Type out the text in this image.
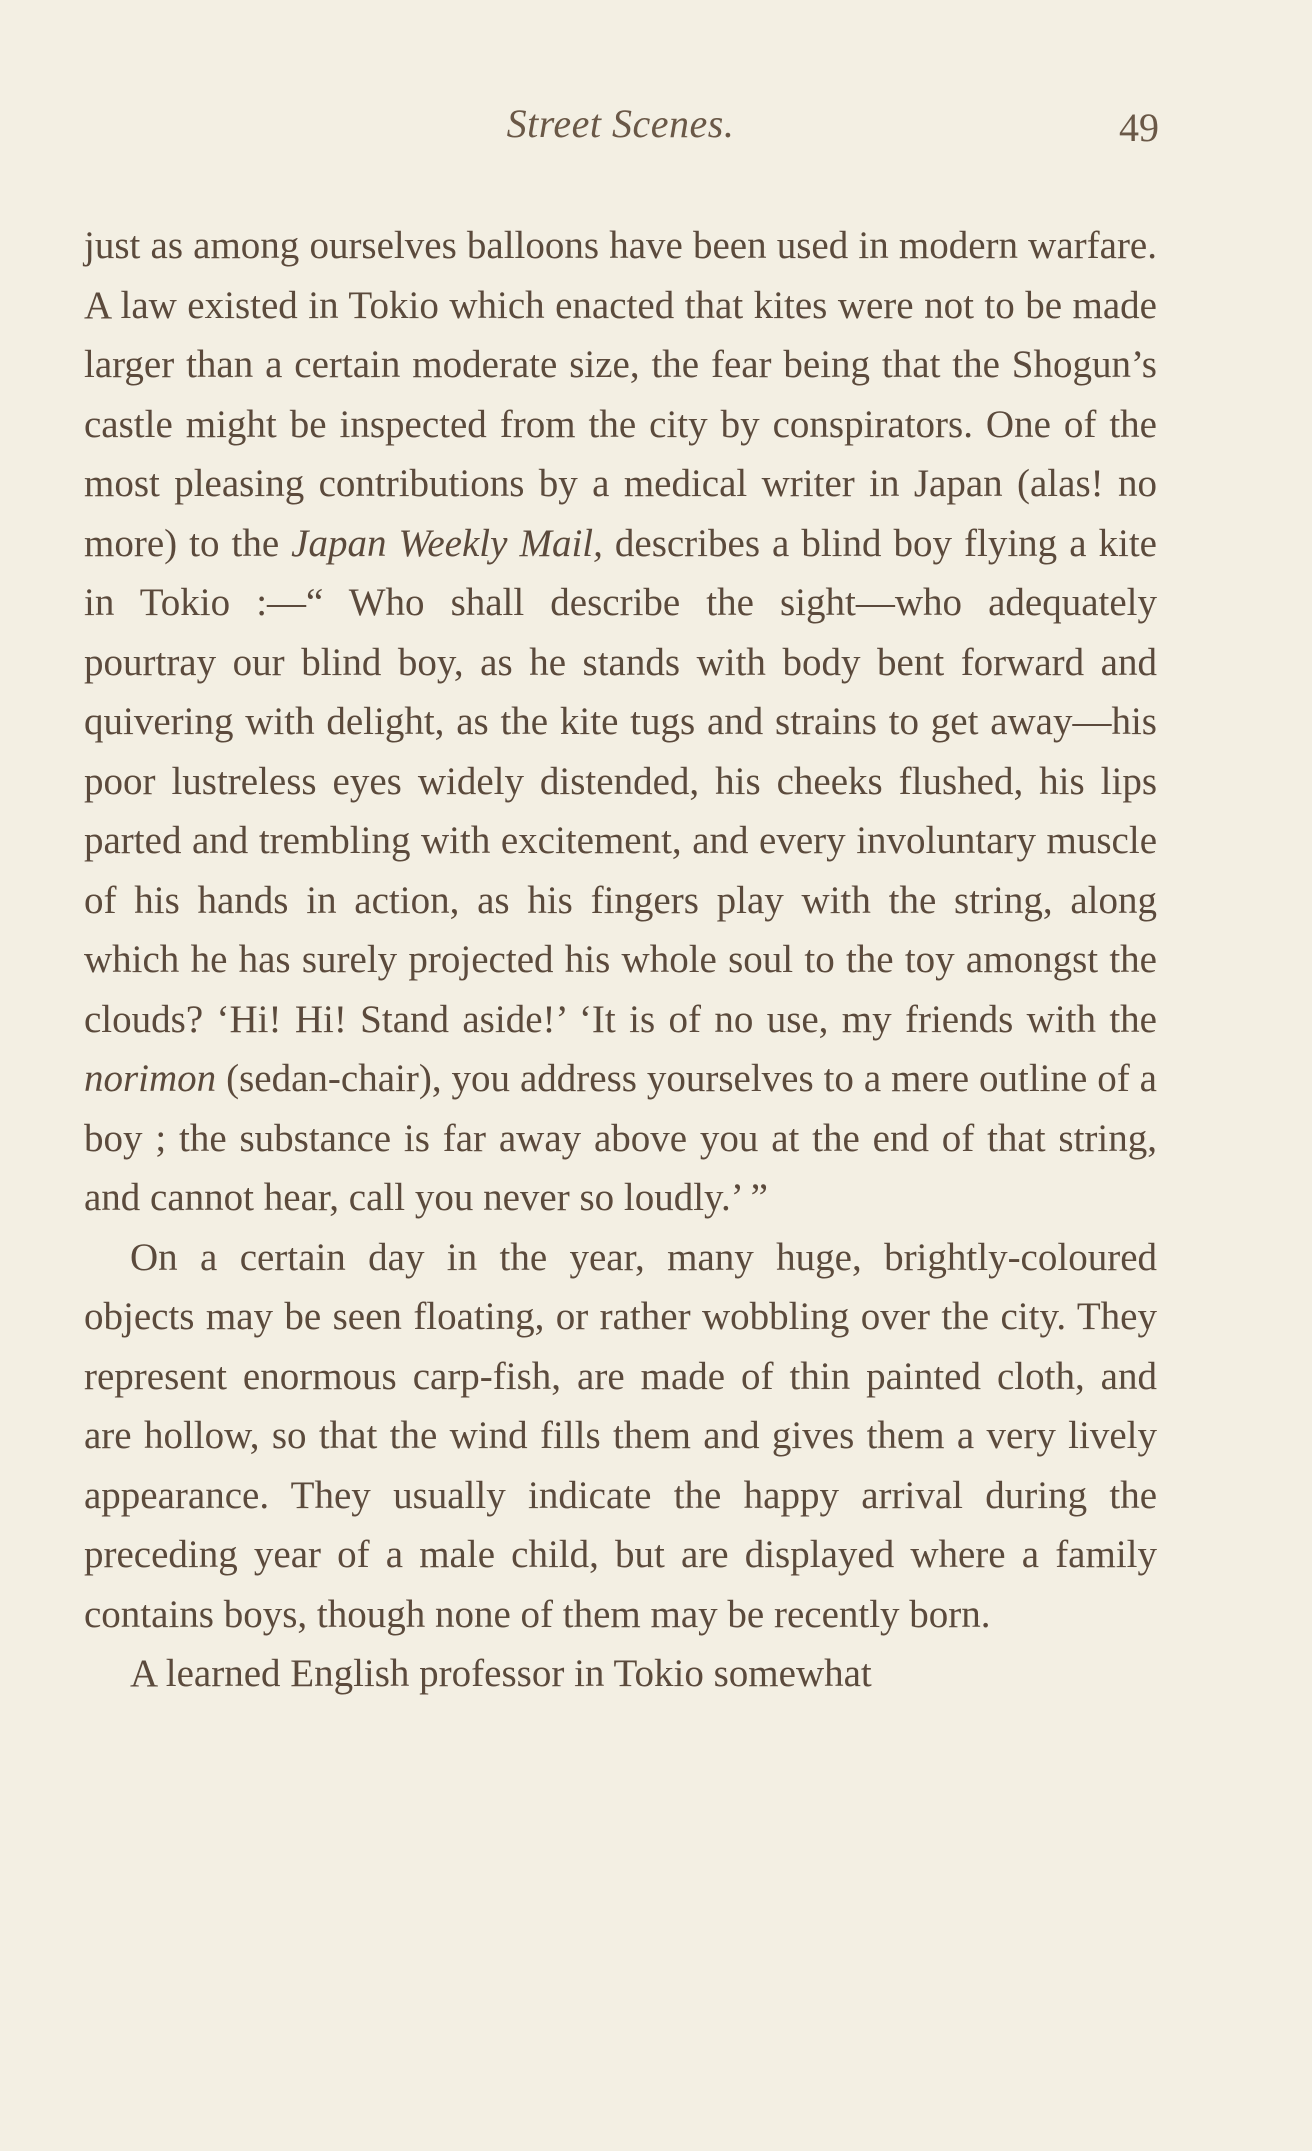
Street Scenes.	49

just as among ourselves balloons have been used in modern warfare. A law existed in Tokio which enacted that kites were not to be made larger than a certain moderate size, the fear being that the Shogun’s castle might be inspected from the city by conspirators. One of the most pleasing contributions by a medical writer in Japan (alas! no more) to the Japan Weekly Mail, describes a blind boy flying a kite in Tokio :—“ Who shall describe the sight—who adequately pourtray our blind boy, as he stands with body bent forward and quivering with delight, as the kite tugs and strains to get away—his poor lustreless eyes widely distended, his cheeks flushed, his lips parted and trembling with excitement, and every involuntary muscle of his hands in action, as his fingers play with the string, along which he has surely projected his whole soul to the toy amongst the clouds? ‘Hi! Hi! Stand aside!’ ‘It is of no use, my friends with the norimon (sedan-chair), you address yourselves to a mere outline of a boy ; the substance is far away above you at the end of that string, and cannot hear, call you never so loudly.’ ”

On a certain day in the year, many huge, brightly-coloured objects may be seen floating, or rather wobbling over the city. They represent enormous carp-fish, are made of thin painted cloth, and are hollow, so that the wind fills them and gives them a very lively appearance. They usually indicate the happy arrival during the preceding year of a male child, but are displayed where a family contains boys, though none of them may be recently born.

A learned English professor in Tokio somewhat
